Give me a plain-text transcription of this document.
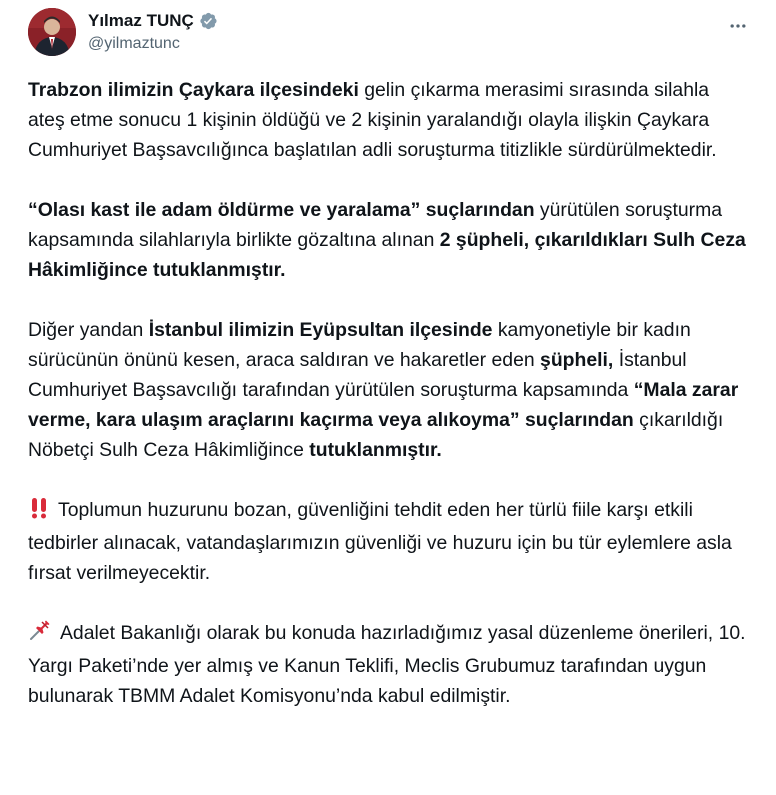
Yılmaz TUNÇ
@yilmaztunc

Trabzon ilimizin Çaykara ilçesindeki gelin çıkarma merasimi sırasında silahla ateş etme sonucu 1 kişinin öldüğü ve 2 kişinin yaralandığı olayla ilişkin Çaykara Cumhuriyet Başsavcılığınca başlatılan adli soruşturma titizlikle sürdürülmektedir.

“Olası kast ile adam öldürme ve yaralama” suçlarından yürütülen soruşturma kapsamında silahlarıyla birlikte gözaltına alınan 2 şüpheli, çıkarıldıkları Sulh Ceza Hâkimliğince tutuklanmıştır.

Diğer yandan İstanbul ilimizin Eyüpsultan ilçesinde kamyonetiyle bir kadın sürücünün önünü kesen, araca saldıran ve hakaretler eden şüpheli, İstanbul Cumhuriyet Başsavcılığı tarafından yürütülen soruşturma kapsamında “Mala zarar verme, kara ulaşım araçlarını kaçırma veya alıkoyma” suçlarından çıkarıldığı Nöbetçi Sulh Ceza Hâkimliğince tutuklanmıştır.

Toplumun huzurunu bozan, güvenliğini tehdit eden her türlü fiile karşı etkili tedbirler alınacak, vatandaşlarımızın güvenliği ve huzuru için bu tür eylemlere asla fırsat verilmeyecektir.

Adalet Bakanlığı olarak bu konuda hazırladığımız yasal düzenleme önerileri, 10. Yargı Paketi’nde yer almış ve Kanun Teklifi, Meclis Grubumuz tarafından uygun bulunarak TBMM Adalet Komisyonu’nda kabul edilmiştir.
